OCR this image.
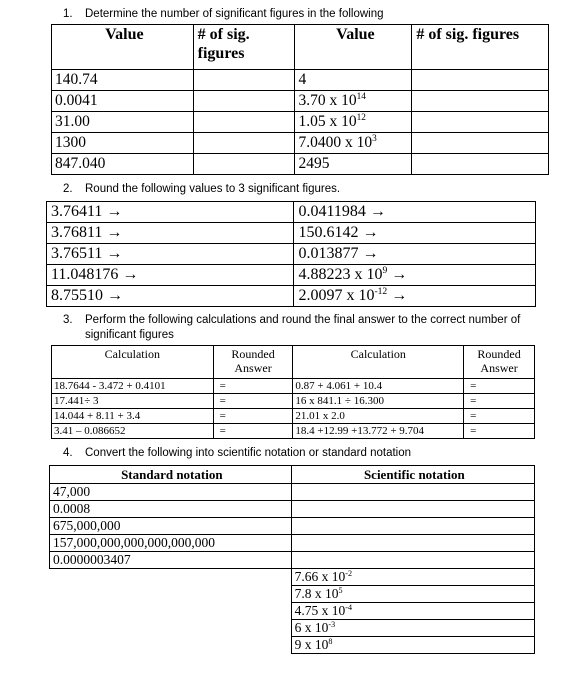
1. Determine the number of significant figures in the following
Value	# of sig. figures	Value	# of sig. figures
140.74		4	
0.0041		3.70 x $10^{14}$	
31.00		1.05 x $10^{12}$	
1300		7.0400 x $10^3$	
847.040		2495	
2. Round the following values to 3 significant figures.
3.76411 →	0.0411984 →
3.76811 →	150.6142 →
3.76511 →	0.013877 →
11.048176 →	4.88223 x $10^9$ →
8.75510 →	2.0097 x $10^{-12}$ →
3. Perform the following calculations and round the final answer to the correct number of
significant figures
Calculation	Rounded Answer	Calculation	Rounded Answer
18.7644 - 3.472 + 0.4101	=	0.87 + 4.061 + 10.4	=
17.441÷ 3	=	16 x 841.1 ÷ 16.300	=
14.044 + 8.11 + 3.4	=	21.01 x 2.0	=
3.41 – 0.086652	=	18.4 +12.99 +13.772 + 9.704	=
4. Convert the following into scientific notation or standard notation
Standard notation	Scientific notation
47,000	
0.0008	
675,000,000	
157,000,000,000,000,000,000	
0.0000003407	
	7.66 x $10^{-2}$
	7.8 x $10^5$
	4.75 x $10^{-4}$
	6 x $10^{-3}$
	9 x $10^8$
